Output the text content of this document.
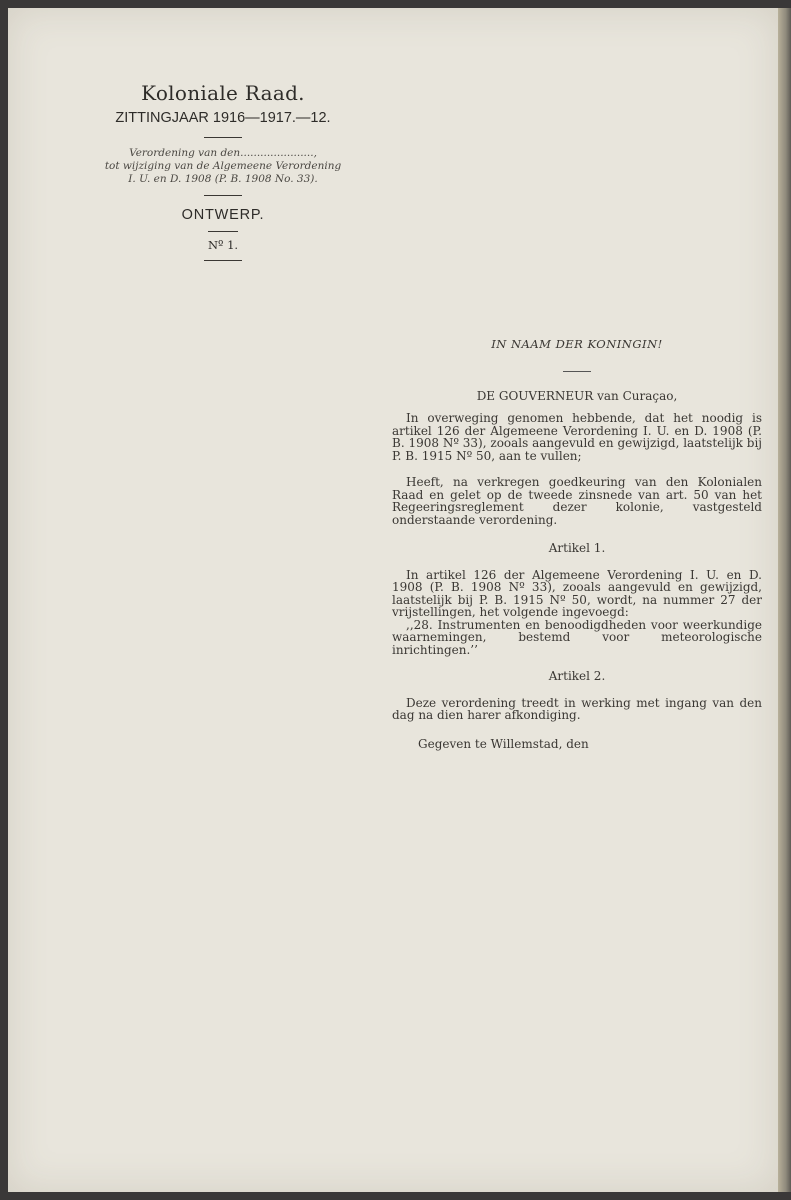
Koloniale Raad.
ZITTINGJAAR 1916—1917.—12.
Verordening van den......................,
tot wijziging van de Algemeene Verordening
I. U. en D. 1908 (P. B. 1908 No. 33).
ONTWERP.
Nº 1.
IN NAAM DER KONINGIN!
DE GOUVERNEUR van Curaçao,

In overweging genomen hebbende, dat het noodig is artikel 126 der Algemeene Verordening I. U. en D. 1908 (P. B. 1908 Nº 33), zooals aangevuld en gewijzigd, laatstelijk bij P. B. 1915 Nº 50, aan te vullen;

Heeft, na verkregen goedkeuring van den Kolonialen Raad en gelet op de tweede zinsnede van art. 50 van het Regeeringsreglement dezer kolonie, vastgesteld onderstaande verordening.

Artikel 1.

In artikel 126 der Algemeene Verordening I. U. en D. 1908 (P. B. 1908 Nº 33), zooals aangevuld en gewijzigd, laatstelijk bij P. B. 1915 Nº 50, wordt, na nummer 27 der vrijstellingen, het volgende ingevoegd:

,,28. Instrumenten en benoodigdheden voor weerkundige waarnemingen, bestemd voor meteorologische inrichtingen.’’

Artikel 2.

Deze verordening treedt in werking met ingang van den dag na dien harer afkondiging.

Gegeven te Willemstad, den
